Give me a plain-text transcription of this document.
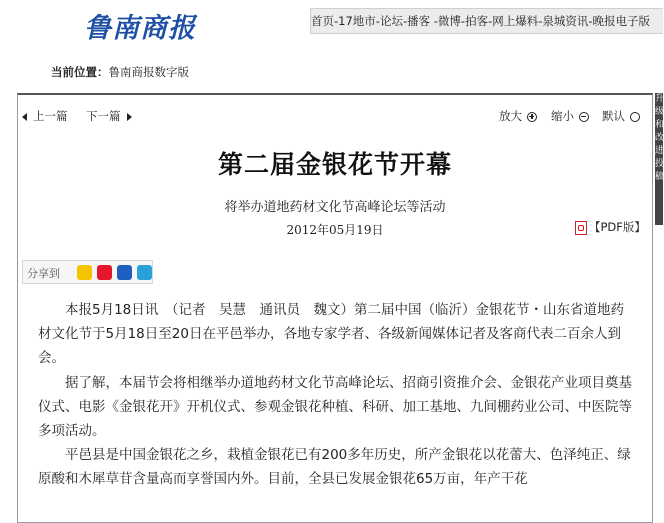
鲁南商报	首页-17地市-论坛-播客 -微博-拍客-网上爆料-泉城资讯-晚报电子版
当前位置：鲁南商报数字版
上一篇 下一篇	放大	缩小	默认
第二届金银花节开幕
将举办道地药材文化节高峰论坛等活动
2012年05月19日	【PDF版】
分享到

本报5月18日讯　（记者　吴慧　通讯员　魏文）第二届中国（临沂）金银花节・山东省道地药材文化节于5月18日至20日在平邑举办，各地专家学者、各级新闻媒体记者及客商代表二百余人到会。

据了解，本届节会将相继举办道地药材文化节高峰论坛、招商引资推介会、金银花产业项目奠基仪式、电影《金银花开》开机仪式、参观金银花种植、科研、加工基地、九间棚药业公司、中医院等多项活动。

平邑县是中国金银花之乡，栽植金银花已有200多年历史，所产金银花以花蕾大、色泽纯正、绿原酸和木犀草苷含量高而享誉国内外。目前，全县已发展金银花65万亩，年产干花

升
级
和
改
进
投
稿
